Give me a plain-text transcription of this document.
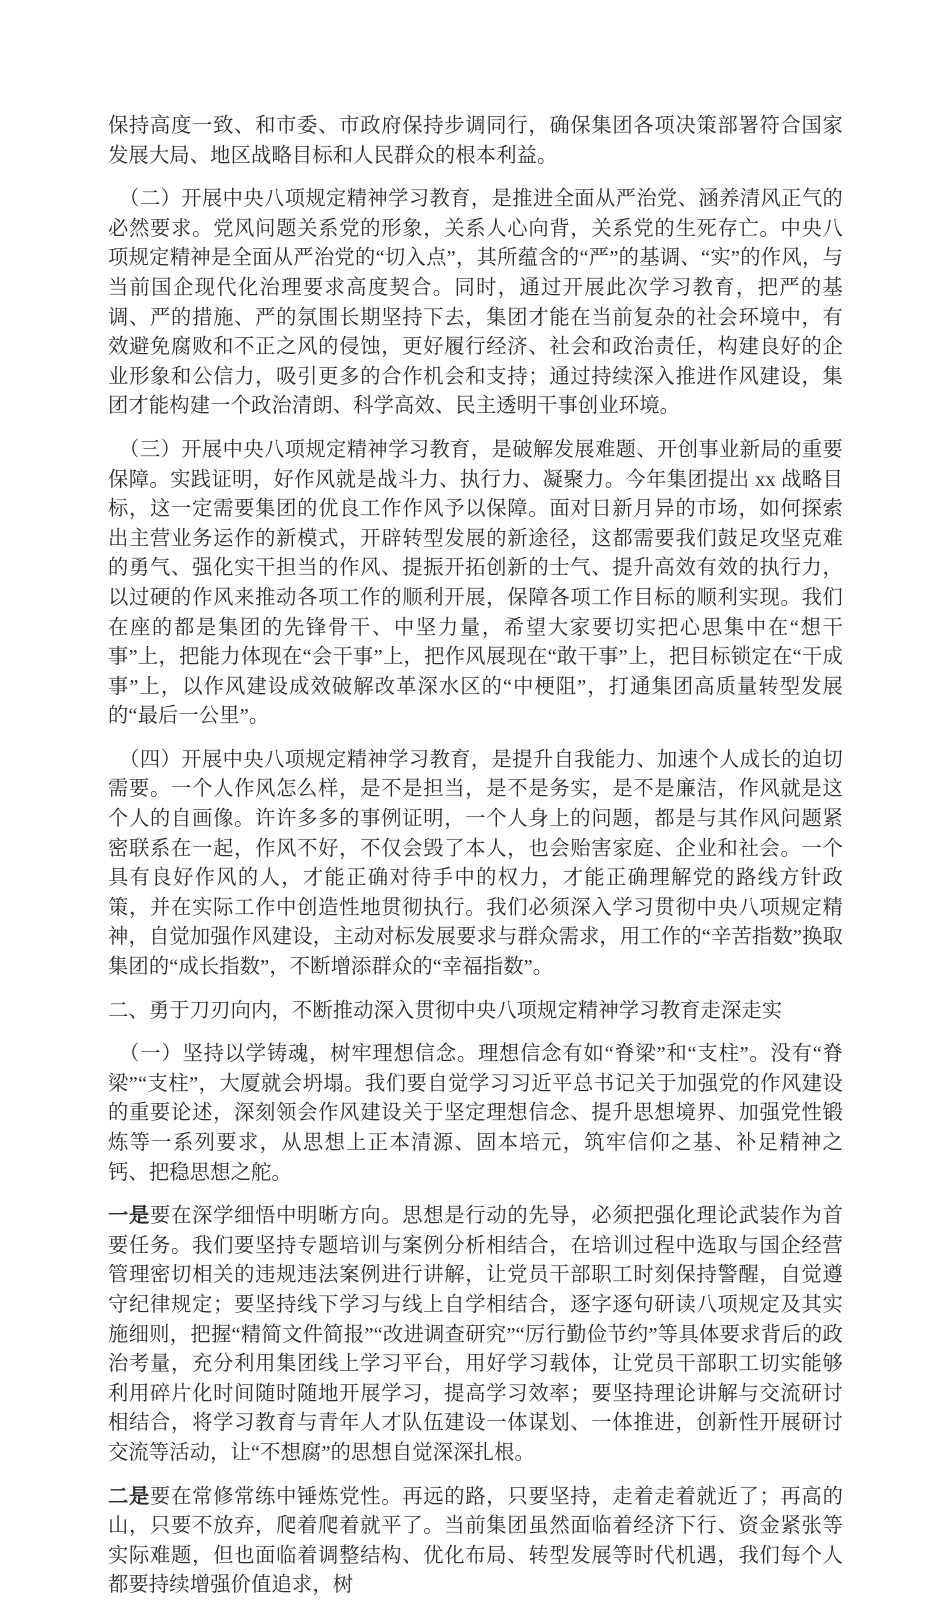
保持高度一致、和市委、市政府保持步调同行，确保集团各项决策部署符合国家发展大局、地区战略目标和人民群众的根本利益。

（二）开展中央八项规定精神学习教育，是推进全面从严治党、涵养清风正气的必然要求。党风问题关系党的形象，关系人心向背，关系党的生死存亡。中央八项规定精神是全面从严治党的“切入点”，其所蕴含的“严”的基调、“实”的作风，与当前国企现代化治理要求高度契合。同时，通过开展此次学习教育，把严的基调、严的措施、严的氛围长期坚持下去，集团才能在当前复杂的社会环境中，有效避免腐败和不正之风的侵蚀，更好履行经济、社会和政治责任，构建良好的企业形象和公信力，吸引更多的合作机会和支持；通过持续深入推进作风建设，集团才能构建一个政治清朗、科学高效、民主透明干事创业环境。

（三）开展中央八项规定精神学习教育，是破解发展难题、开创事业新局的重要保障。实践证明，好作风就是战斗力、执行力、凝聚力。今年集团提出 xx 战略目标，这一定需要集团的优良工作作风予以保障。面对日新月异的市场，如何探索出主营业务运作的新模式，开辟转型发展的新途径，这都需要我们鼓足攻坚克难的勇气、强化实干担当的作风、提振开拓创新的士气、提升高效有效的执行力，以过硬的作风来推动各项工作的顺利开展，保障各项工作目标的顺利实现。我们在座的都是集团的先锋骨干、中坚力量，希望大家要切实把心思集中在“想干事”上，把能力体现在“会干事”上，把作风展现在“敢干事”上，把目标锁定在“干成事”上，以作风建设成效破解改革深水区的“中梗阻”，打通集团高质量转型发展的“最后一公里”。

（四）开展中央八项规定精神学习教育，是提升自我能力、加速个人成长的迫切需要。一个人作风怎么样，是不是担当，是不是务实，是不是廉洁，作风就是这个人的自画像。许许多多的事例证明，一个人身上的问题，都是与其作风问题紧密联系在一起，作风不好，不仅会毁了本人，也会贻害家庭、企业和社会。一个具有良好作风的人，才能正确对待手中的权力，才能正确理解党的路线方针政策，并在实际工作中创造性地贯彻执行。我们必须深入学习贯彻中央八项规定精神，自觉加强作风建设，主动对标发展要求与群众需求，用工作的“辛苦指数”换取集团的“成长指数”，不断增添群众的“幸福指数”。

二、勇于刀刃向内，不断推动深入贯彻中央八项规定精神学习教育走深走实

（一）坚持以学铸魂，树牢理想信念。理想信念有如“脊梁”和“支柱”。没有“脊梁”“支柱”，大厦就会坍塌。我们要自觉学习习近平总书记关于加强党的作风建设的重要论述，深刻领会作风建设关于坚定理想信念、提升思想境界、加强党性锻炼等一系列要求，从思想上正本清源、固本培元，筑牢信仰之基、补足精神之钙、把稳思想之舵。

一是要在深学细悟中明晰方向。思想是行动的先导，必须把强化理论武装作为首要任务。我们要坚持专题培训与案例分析相结合，在培训过程中选取与国企经营管理密切相关的违规违法案例进行讲解，让党员干部职工时刻保持警醒，自觉遵守纪律规定；要坚持线下学习与线上自学相结合，逐字逐句研读八项规定及其实施细则，把握“精简文件简报”“改进调查研究”“厉行勤俭节约”等具体要求背后的政治考量，充分利用集团线上学习平台，用好学习载体，让党员干部职工切实能够利用碎片化时间随时随地开展学习，提高学习效率；要坚持理论讲解与交流研讨相结合，将学习教育与青年人才队伍建设一体谋划、一体推进，创新性开展研讨交流等活动，让“不想腐”的思想自觉深深扎根。

二是要在常修常练中锤炼党性。再远的路，只要坚持，走着走着就近了；再高的山，只要不放弃，爬着爬着就平了。当前集团虽然面临着经济下行、资金紧张等实际难题，但也面临着调整结构、优化布局、转型发展等时代机遇，我们每个人都要持续增强价值追求，树
